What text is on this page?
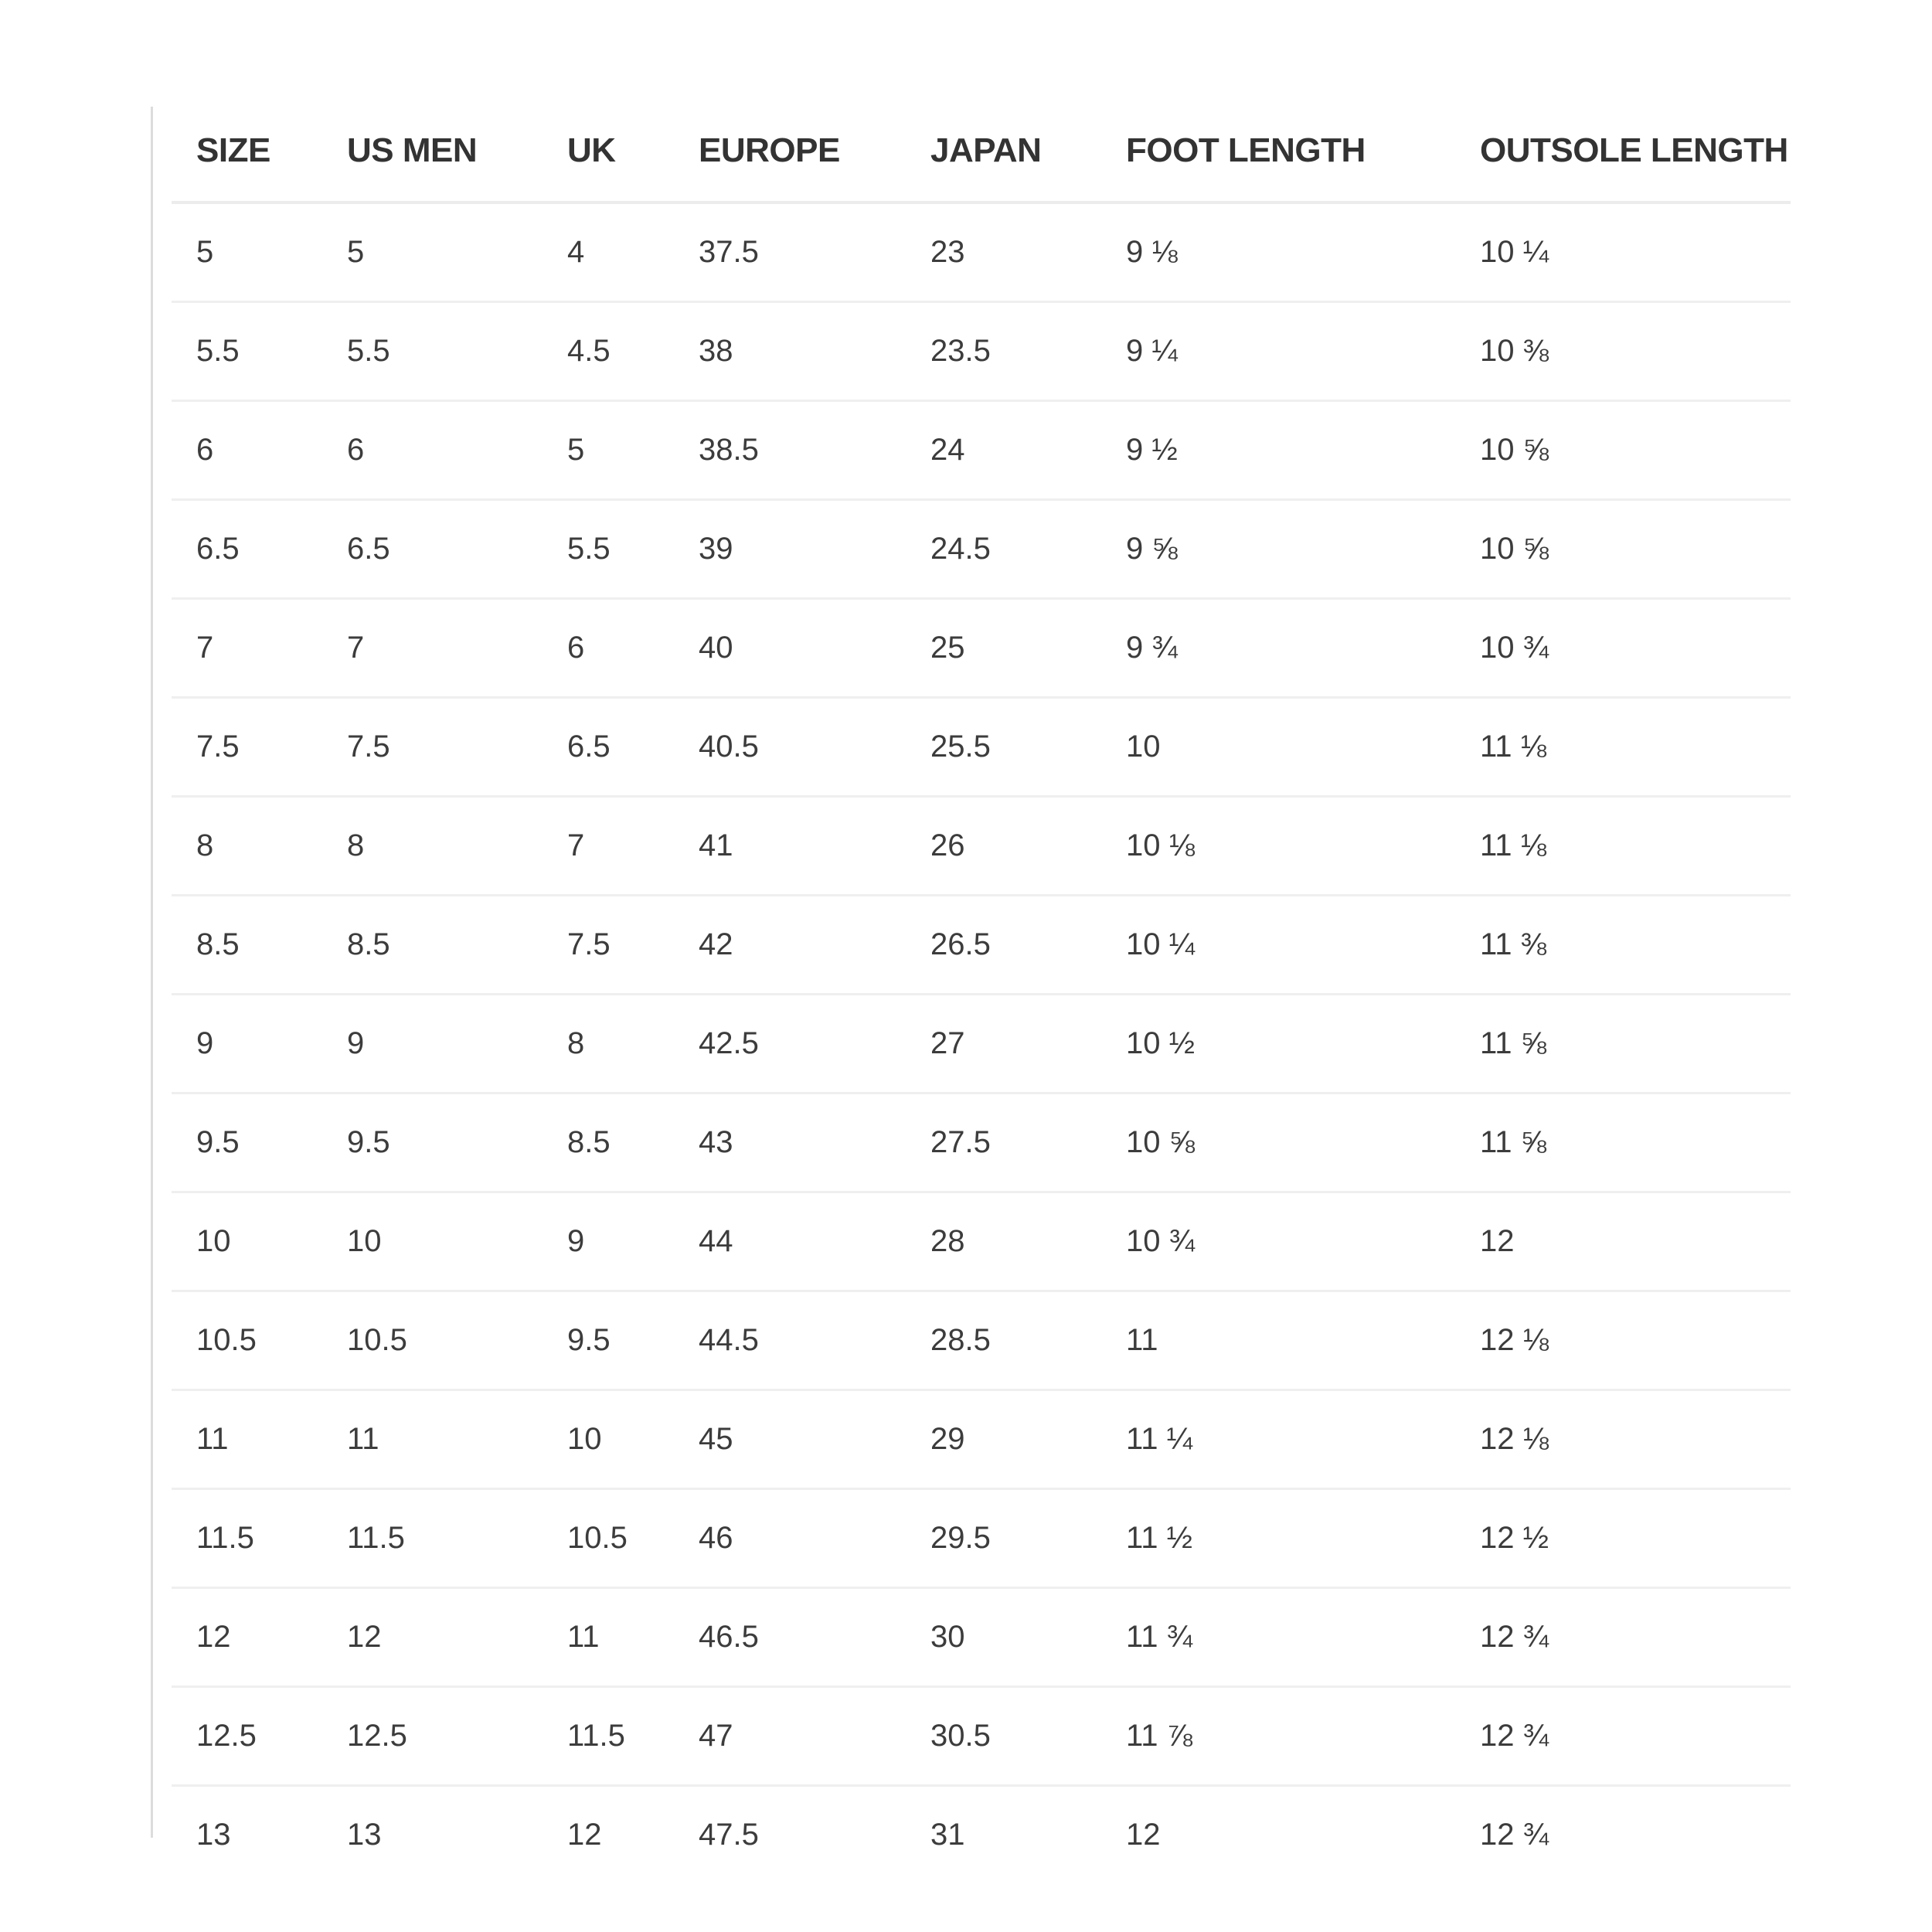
SIZE	US MEN	UK	EUROPE	JAPAN	FOOT LENGTH	OUTSOLE LENGTH
5	5	4	37.5	23	9 ⅛	10 ¼
5.5	5.5	4.5	38	23.5	9 ¼	10 ⅜
6	6	5	38.5	24	9 ½	10 ⅝
6.5	6.5	5.5	39	24.5	9 ⅝	10 ⅝
7	7	6	40	25	9 ¾	10 ¾
7.5	7.5	6.5	40.5	25.5	10	11 ⅛
8	8	7	41	26	10 ⅛	11 ⅛
8.5	8.5	7.5	42	26.5	10 ¼	11 ⅜
9	9	8	42.5	27	10 ½	11 ⅝
9.5	9.5	8.5	43	27.5	10 ⅝	11 ⅝
10	10	9	44	28	10 ¾	12
10.5	10.5	9.5	44.5	28.5	11	12 ⅛
11	11	10	45	29	11 ¼	12 ⅛
11.5	11.5	10.5	46	29.5	11 ½	12 ½
12	12	11	46.5	30	11 ¾	12 ¾
12.5	12.5	11.5	47	30.5	11 ⅞	12 ¾
13	13	12	47.5	31	12	12 ¾
